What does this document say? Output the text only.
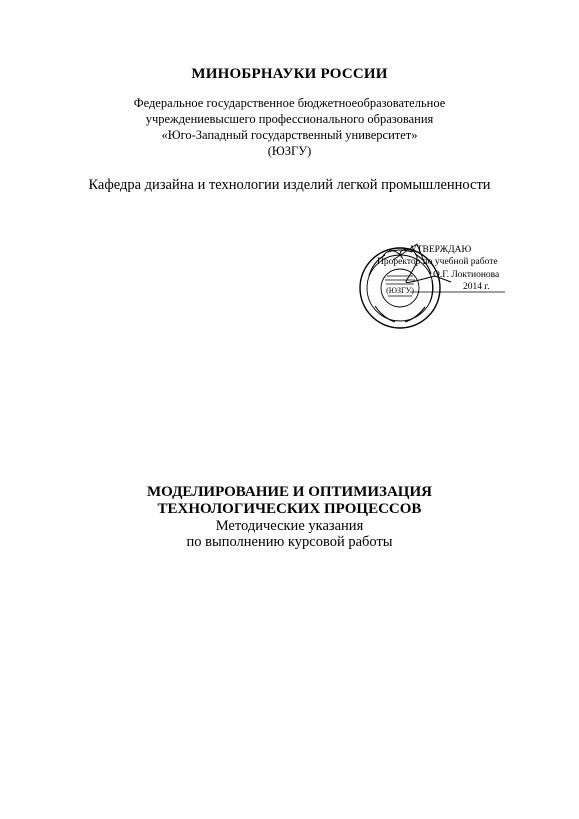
МИНОБРНАУКИ РОССИИ
Федеральное государственное бюджетноеобразовательное
учреждениевысшего профессионального образования
«Юго-Западный государственный университет»
(ЮЗГУ)
Кафедра дизайна и технологии изделий легкой промышленности
(ЮЗГУ)
УТВЕРЖДАЮ
Проректор по учебной работе
О.Г. Локтионова
2014 г.
МОДЕЛИРОВАНИЕ И ОПТИМИЗАЦИЯ
ТЕХНОЛОГИЧЕСКИХ ПРОЦЕССОВ
Методические указания
по выполнению курсовой работы
